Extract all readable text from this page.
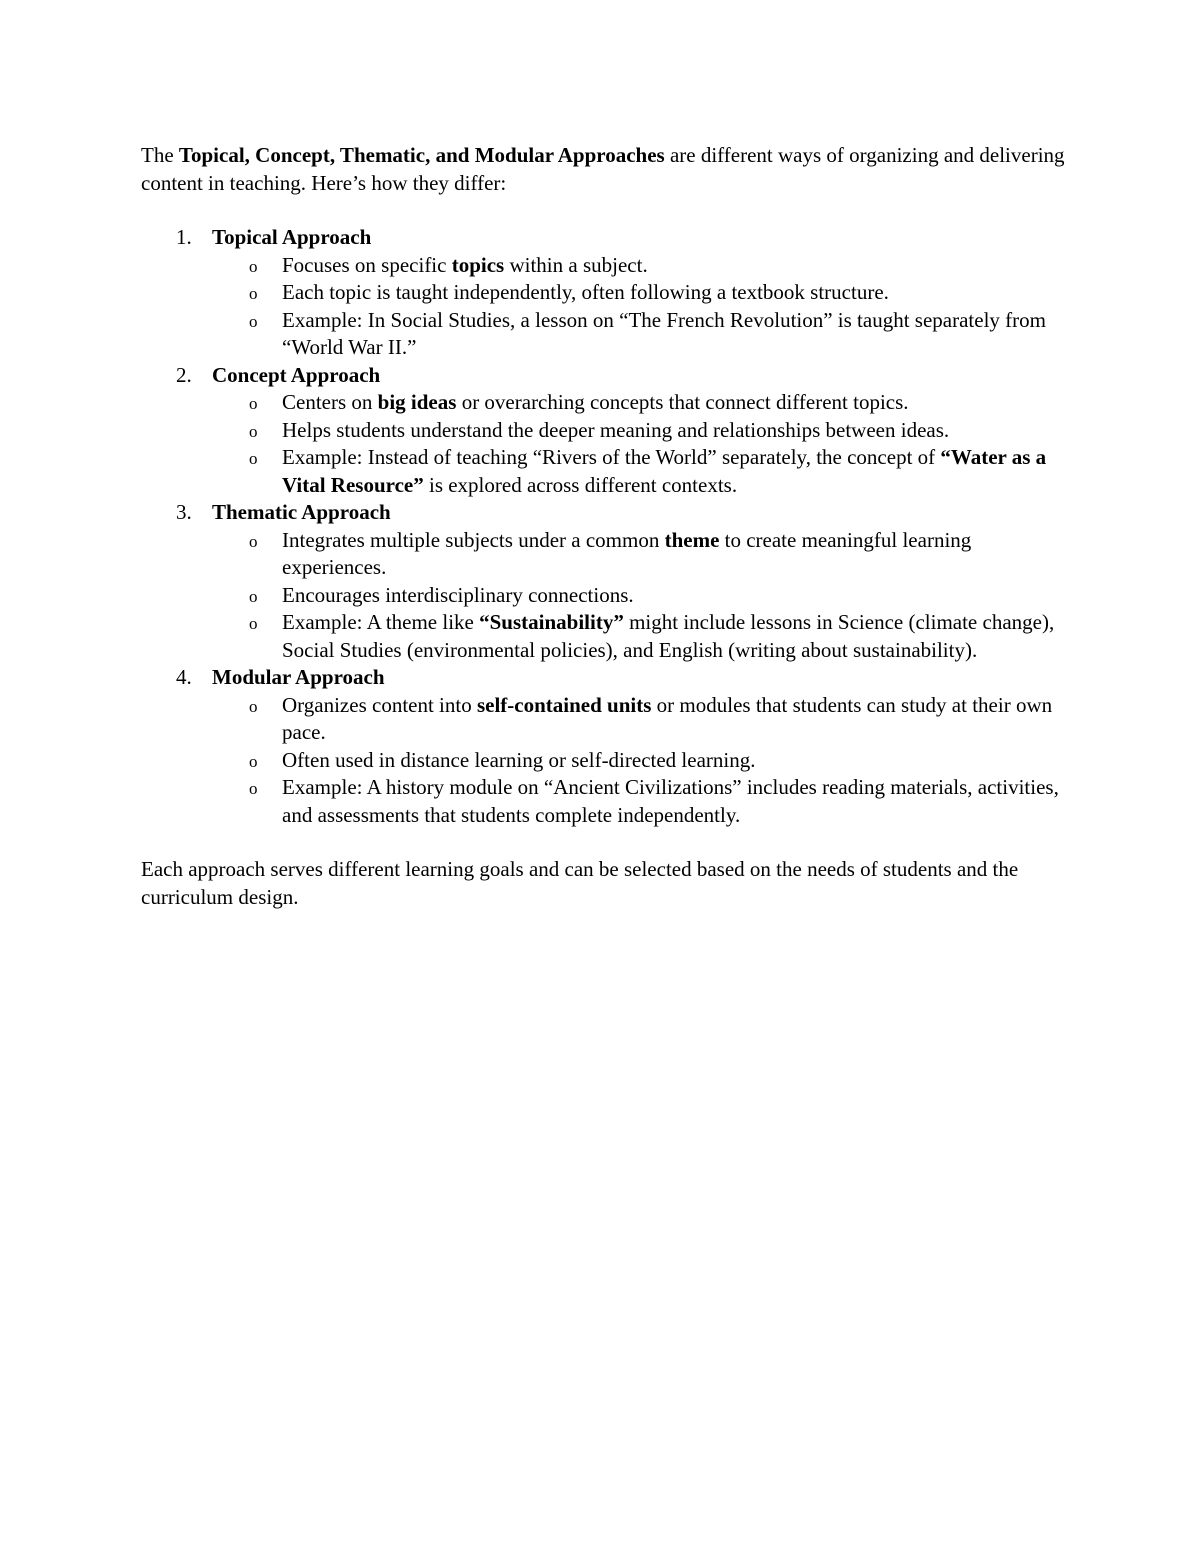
The Topical, Concept, Thematic, and Modular Approaches are different ways of organizing and delivering content in teaching. Here’s how they differ:

1. Topical Approach

o Focuses on specific topics within a subject.
o Each topic is taught independently, often following a textbook structure.
o Example: In Social Studies, a lesson on “The French Revolution” is taught separately from “World War II.”

2. Concept Approach

o Centers on big ideas or overarching concepts that connect different topics.
o Helps students understand the deeper meaning and relationships between ideas.
o Example: Instead of teaching “Rivers of the World” separately, the concept of “Water as a Vital Resource” is explored across different contexts.

3. Thematic Approach

o Integrates multiple subjects under a common theme to create meaningful learning experiences.
o Encourages interdisciplinary connections.
o Example: A theme like “Sustainability” might include lessons in Science (climate change), Social Studies (environmental policies), and English (writing about sustainability).

4. Modular Approach

o Organizes content into self-contained units or modules that students can study at their own pace.
o Often used in distance learning or self-directed learning.
o Example: A history module on “Ancient Civilizations” includes reading materials, activities, and assessments that students complete independently.

Each approach serves different learning goals and can be selected based on the needs of students and the curriculum design.
